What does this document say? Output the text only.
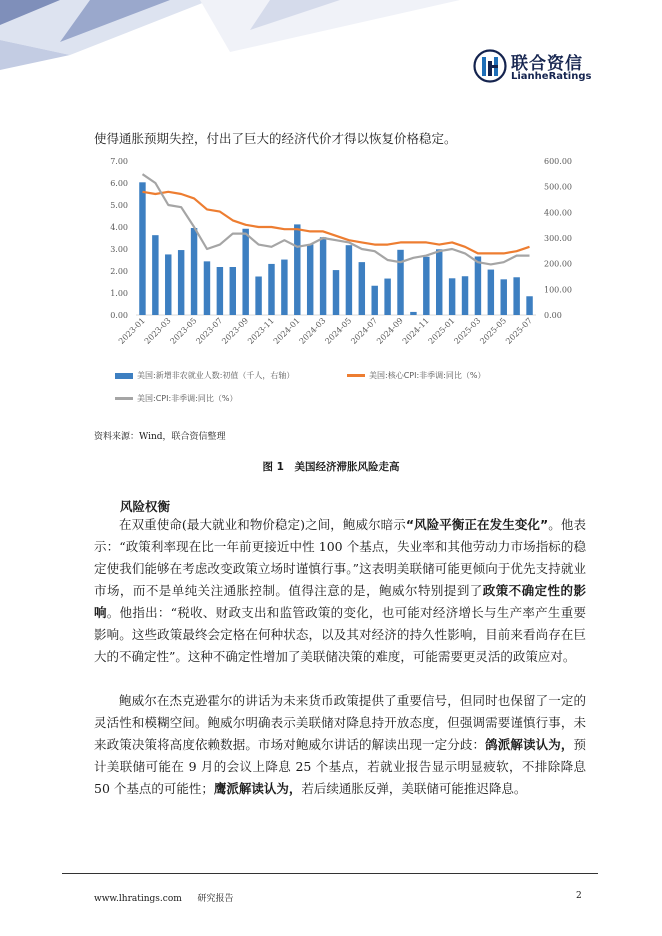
联合资信
LianheRatings
使得通胀预期失控，付出了巨大的经济代价才得以恢复价格稳定。
0.00
1.00
2.00
3.00
4.00
5.00
6.00
7.00
0.00
100.00
200.00
300.00
400.00
500.00
600.00
2023-01
2023-03
2023-05
2023-07
2023-09
2023-11
2024-01
2024-03
2024-05
2024-07
2024-09
2024-11
2025-01
2025-03
2025-05
2025-07
美国:新增非农就业人数:初值（千人，右轴）	美国:核心CPI:非季调:同比（%）
美国:CPI:非季调:同比（%）
资料来源：Wind，联合资信整理
图 1　美国经济滞胀风险走高
风险权衡

在双重使命(最大就业和物价稳定)之间，鲍威尔暗示“风险平衡正在发生变化”。他表示：“政策利率现在比一年前更接近中性 100 个基点，失业率和其他劳动力市场指标的稳定使我们能够在考虑改变政策立场时谨慎行事。”这表明美联储可能更倾向于优先支持就业市场，而不是单纯关注通胀控制。值得注意的是，鲍威尔特别提到了政策不确定性的影响。他指出：“税收、财政支出和监管政策的变化，也可能对经济增长与生产率产生重要影响。这些政策最终会定格在何种状态，以及其对经济的持久性影响，目前来看尚存在巨大的不确定性”。这种不确定性增加了美联储决策的难度，可能需要更灵活的政策应对。

鲍威尔在杰克逊霍尔的讲话为未来货币政策提供了重要信号，但同时也保留了一定的灵活性和模糊空间。鲍威尔明确表示美联储对降息持开放态度，但强调需要谨慎行事，未来政策决策将高度依赖数据。市场对鲍威尔讲话的解读出现一定分歧：鸽派解读认为，预计美联储可能在 9 月的会议上降息 25 个基点，若就业报告显示明显疲软，不排除降息 50 个基点的可能性；鹰派解读认为，若后续通胀反弹，美联储可能推迟降息。

www.lhratings.com 研究报告	2
